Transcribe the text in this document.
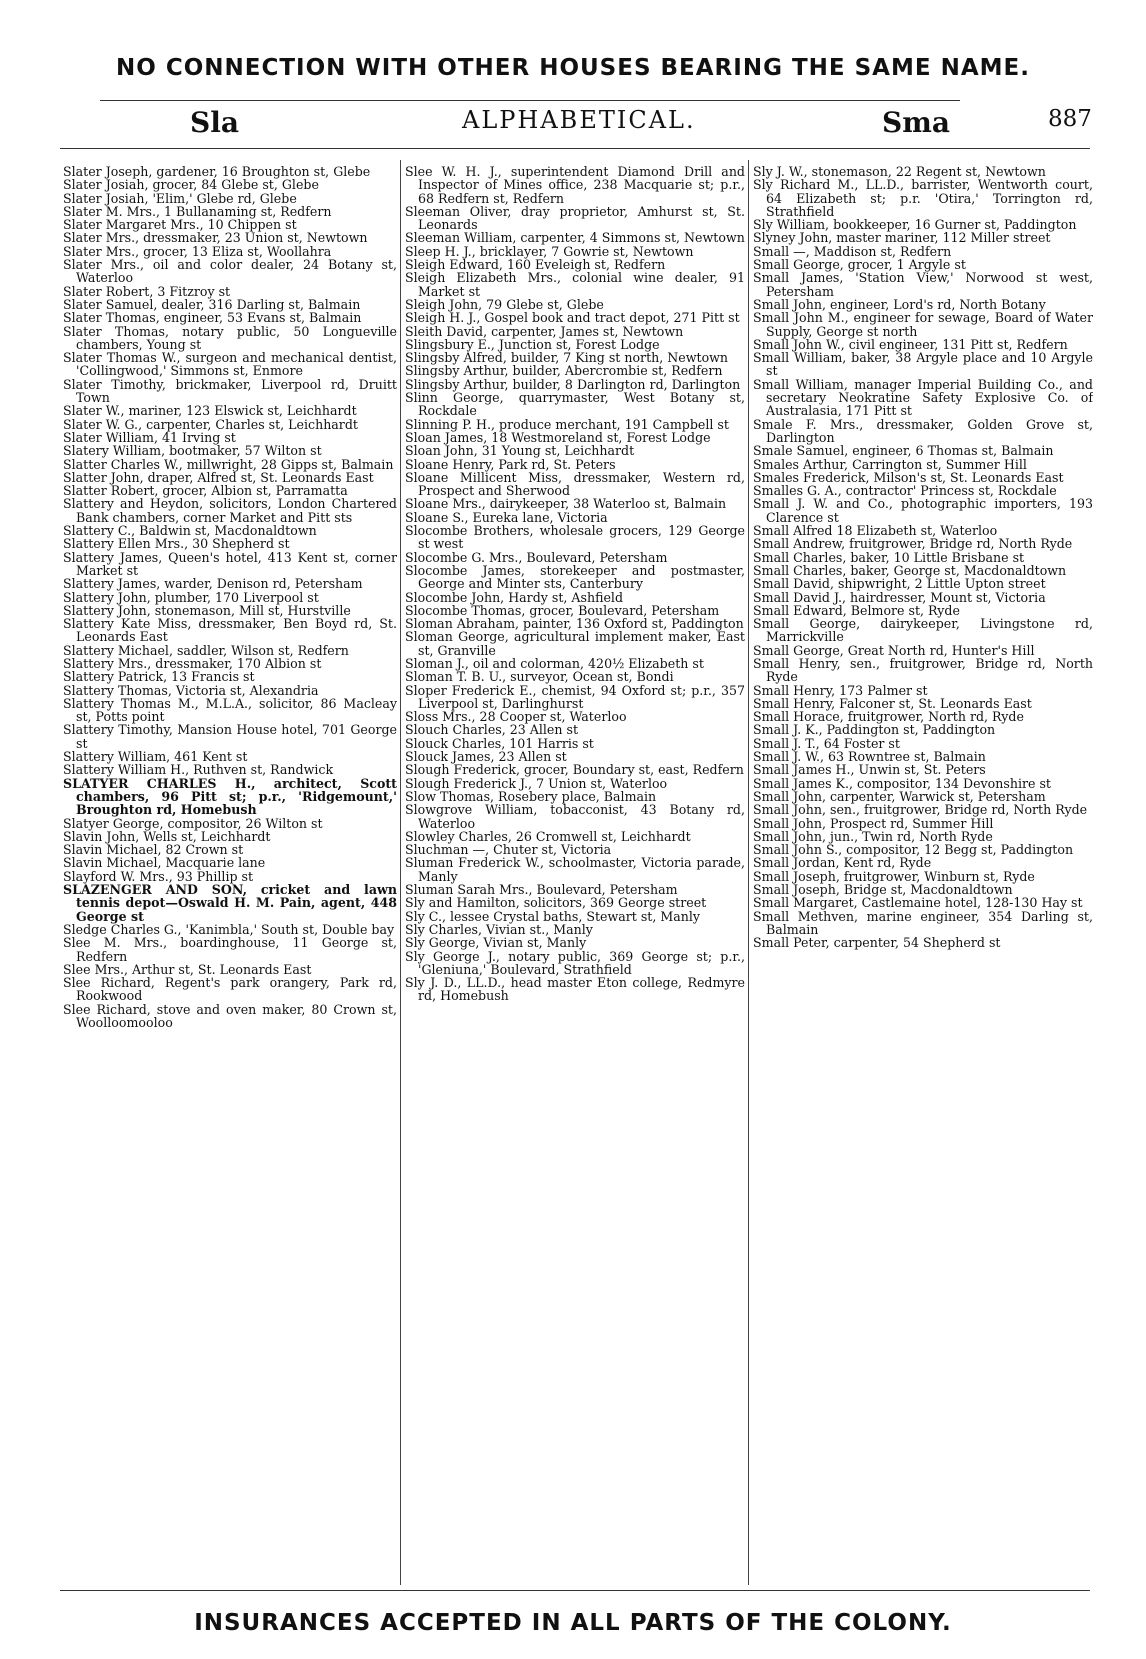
NO CONNECTION WITH OTHER HOUSES BEARING THE SAME NAME.
Sla	ALPHABETICAL.	Sma	887
Slater Joseph, gardener, 16 Broughton st, Glebe
Slater Josiah, grocer, 84 Glebe st, Glebe
Slater Josiah, 'Elim,' Glebe rd, Glebe
Slater M. Mrs., 1 Bullanaming st, Redfern
Slater Margaret Mrs., 10 Chippen st
Slater Mrs., dressmaker, 23 Union st, Newtown
Slater Mrs., grocer, 13 Eliza st, Woollahra
Slater Mrs., oil and color dealer, 24 Botany st, Waterloo
Slater Robert, 3 Fitzroy st
Slater Samuel, dealer, 316 Darling st, Balmain
Slater Thomas, engineer, 53 Evans st, Balmain
Slater Thomas, notary public, 50 Longueville chambers, Young st
Slater Thomas W., surgeon and mechanical dentist, 'Collingwood,' Simmons st, Enmore
Slater Timothy, brickmaker, Liverpool rd, Druitt Town
Slater W., mariner, 123 Elswick st, Leichhardt
Slater W. G., carpenter, Charles st, Leichhardt
Slater William, 41 Irving st
Slatery William, bootmaker, 57 Wilton st
Slatter Charles W., millwright, 28 Gipps st, Balmain
Slatter John, draper, Alfred st, St. Leonards East
Slatter Robert, grocer, Albion st, Parramatta
Slattery and Heydon, solicitors, London Chartered Bank chambers, corner Market and Pitt sts
Slattery C., Baldwin st, Macdonaldtown
Slattery Ellen Mrs., 30 Shepherd st
Slattery James, Queen's hotel, 413 Kent st, corner Market st
Slattery James, warder, Denison rd, Petersham
Slattery John, plumber, 170 Liverpool st
Slattery John, stonemason, Mill st, Hurstville
Slattery Kate Miss, dressmaker, Ben Boyd rd, St. Leonards East
Slattery Michael, saddler, Wilson st, Redfern
Slattery Mrs., dressmaker, 170 Albion st
Slattery Patrick, 13 Francis st
Slattery Thomas, Victoria st, Alexandria
Slattery Thomas M., M.L.A., solicitor, 86 Macleay st, Potts point
Slattery Timothy, Mansion House hotel, 701 George st
Slattery William, 461 Kent st
Slattery William H., Ruthven st, Randwick
SLATYER CHARLES H., architect, Scott chambers, 96 Pitt st; p.r., 'Ridgemount,' Broughton rd, Homebush
Slatyer George, compositor, 26 Wilton st
Slavin John, Wells st, Leichhardt
Slavin Michael, 82 Crown st
Slavin Michael, Macquarie lane
Slayford W. Mrs., 93 Phillip st
SLAZENGER AND SON, cricket and lawn tennis depot—Oswald H. M. Pain, agent, 448 George st
Sledge Charles G., 'Kanimbla,' South st, Double bay
Slee M. Mrs., boardinghouse, 11 George st, Redfern
Slee Mrs., Arthur st, St. Leonards East
Slee Richard, Regent's park orangery, Park rd, Rookwood
Slee Richard, stove and oven maker, 80 Crown st, Woolloomooloo
Slee W. H. J., superintendent Diamond Drill and Inspector of Mines office, 238 Macquarie st; p.r., 68 Redfern st, Redfern
Sleeman Oliver, dray proprietor, Amhurst st, St. Leonards
Sleeman William, carpenter, 4 Simmons st, Newtown
Sleep H. J., bricklayer, 7 Gowrie st, Newtown
Sleigh Edward, 160 Eveleigh st, Redfern
Sleigh Elizabeth Mrs., colonial wine dealer, 91 Market st
Sleigh John, 79 Glebe st, Glebe
Sleigh H. J., Gospel book and tract depot, 271 Pitt st
Sleith David, carpenter, James st, Newtown
Slingsbury E., Junction st, Forest Lodge
Slingsby Alfred, builder, 7 King st north, Newtown
Slingsby Arthur, builder, Abercrombie st, Redfern
Slingsby Arthur, builder, 8 Darlington rd, Darlington
Slinn George, quarrymaster, West Botany st, Rockdale
Slinning P. H., produce merchant, 191 Campbell st
Sloan James, 18 Westmoreland st, Forest Lodge
Sloan John, 31 Young st, Leichhardt
Sloane Henry, Park rd, St. Peters
Sloane Millicent Miss, dressmaker, Western rd, Prospect and Sherwood
Sloane Mrs., dairykeeper, 38 Waterloo st, Balmain
Sloane S., Eureka lane, Victoria
Slocombe Brothers, wholesale grocers, 129 George st west
Slocombe G. Mrs., Boulevard, Petersham
Slocombe James, storekeeper and postmaster, George and Minter sts, Canterbury
Slocombe John, Hardy st, Ashfield
Slocombe Thomas, grocer, Boulevard, Petersham
Sloman Abraham, painter, 136 Oxford st, Paddington
Sloman George, agricultural implement maker, East st, Granville
Sloman J., oil and colorman, 420½ Elizabeth st
Sloman T. B. U., surveyor, Ocean st, Bondi
Sloper Frederick E., chemist, 94 Oxford st; p.r., 357 Liverpool st, Darlinghurst
Sloss Mrs., 28 Cooper st, Waterloo
Slouch Charles, 23 Allen st
Slouck Charles, 101 Harris st
Slouck James, 23 Allen st
Slough Frederick, grocer, Boundary st, east, Redfern
Slough Frederick J., 7 Union st, Waterloo
Slow Thomas, Rosebery place, Balmain
Slowgrove William, tobacconist, 43 Botany rd, Waterloo
Slowley Charles, 26 Cromwell st, Leichhardt
Sluchman —, Chuter st, Victoria
Sluman Frederick W., schoolmaster, Victoria parade, Manly
Sluman Sarah Mrs., Boulevard, Petersham
Sly and Hamilton, solicitors, 369 George street
Sly C., lessee Crystal baths, Stewart st, Manly
Sly Charles, Vivian st., Manly
Sly George, Vivian st, Manly
Sly George J., notary public, 369 George st; p.r., 'Gleniuna,' Boulevard, Strathfield
Sly J. D., LL.D., head master Eton college, Redmyre rd, Homebush
Sly J. W., stonemason, 22 Regent st, Newtown
Sly Richard M., LL.D., barrister, Wentworth court, 64 Elizabeth st; p.r. 'Otira,' Torrington rd, Strathfield
Sly William, bookkeeper, 16 Gurner st, Paddington
Slyney John, master mariner, 112 Miller street
Small —, Maddison st, Redfern
Small George, grocer, 1 Argyle st
Small James, 'Station View,' Norwood st west, Petersham
Small John, engineer, Lord's rd, North Botany
Small John M., engineer for sewage, Board of Water Supply, George st north
Small John W., civil engineer, 131 Pitt st, Redfern
Small William, baker, 38 Argyle place and 10 Argyle st
Small William, manager Imperial Building Co., and secretary Neokratine Safety Explosive Co. of Australasia, 171 Pitt st
Smale F. Mrs., dressmaker, Golden Grove st, Darlington
Smale Samuel, engineer, 6 Thomas st, Balmain
Smales Arthur, Carrington st, Summer Hill
Smales Frederick, Milson's st, St. Leonards East
Smalles G. A., contractor' Princess st, Rockdale
Small J. W. and Co., photographic importers, 193 Clarence st
Small Alfred 18 Elizabeth st, Waterloo
Small Andrew, fruitgrower, Bridge rd, North Ryde
Small Charles, baker, 10 Little Brisbane st
Small Charles, baker, George st, Macdonaldtown
Small David, shipwright, 2 Little Upton street
Small David J., hairdresser, Mount st, Victoria
Small Edward, Belmore st, Ryde
Small George, dairykeeper, Livingstone rd, Marrickville
Small George, Great North rd, Hunter's Hill
Small Henry, sen., fruitgrower, Bridge rd, North Ryde
Small Henry, 173 Palmer st
Small Henry, Falconer st, St. Leonards East
Small Horace, fruitgrower, North rd, Ryde
Small J. K., Paddington st, Paddington
Small J. T., 64 Foster st
Small J. W., 63 Rowntree st, Balmain
Small James H., Unwin st, St. Peters
Small James K., compositor, 134 Devonshire st
Small John, carpenter, Warwick st, Petersham
Small John, sen., fruitgrower, Bridge rd, North Ryde
Small John, Prospect rd, Summer Hill
Small John, jun., Twin rd, North Ryde
Small John S., compositor, 12 Begg st, Paddington
Small Jordan, Kent rd, Ryde
Small Joseph, fruitgrower, Winburn st, Ryde
Small Joseph, Bridge st, Macdonaldtown
Small Margaret, Castlemaine hotel, 128-130 Hay st
Small Methven, marine engineer, 354 Darling st, Balmain
Small Peter, carpenter, 54 Shepherd st
INSURANCES ACCEPTED IN ALL PARTS OF THE COLONY.
